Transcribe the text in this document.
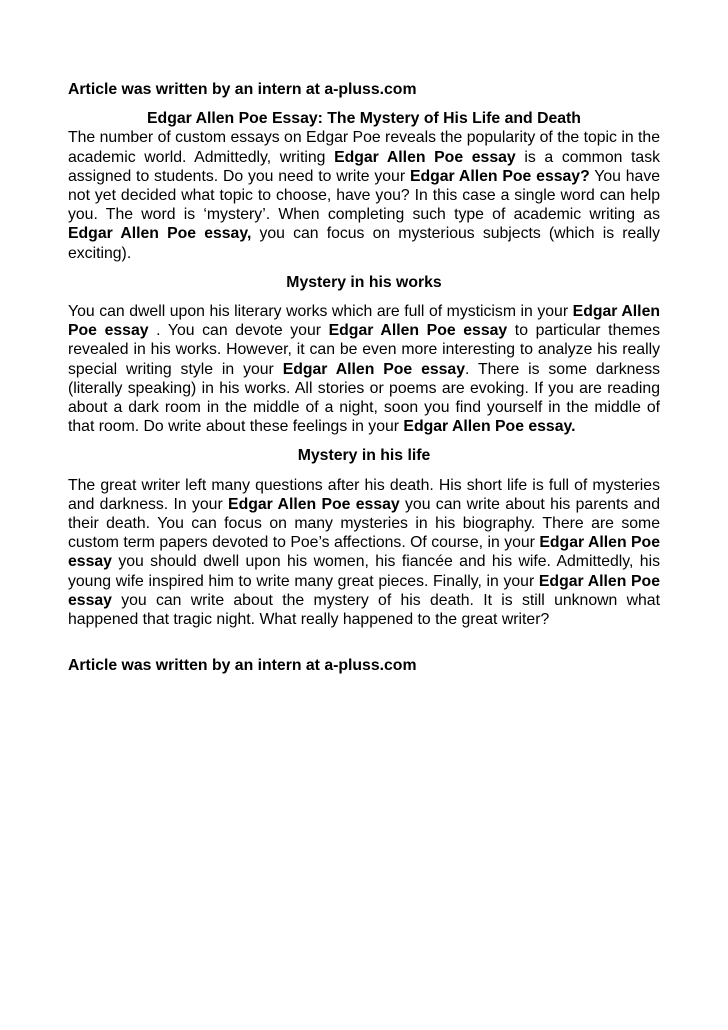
Article was written by an intern at a-pluss.com
Edgar Allen Poe Essay: The Mystery of His Life and Death

The number of custom essays on Edgar Poe reveals the popularity of the topic in the academic world. Admittedly, writing Edgar Allen Poe essay is a common task assigned to students. Do you need to write your Edgar Allen Poe essay? You have not yet decided what topic to choose, have you? In this case a single word can help you. The word is ‘mystery’. When completing such type of academic writing as Edgar Allen Poe essay, you can focus on mysterious subjects (which is really exciting).

Mystery in his works

You can dwell upon his literary works which are full of mysticism in your Edgar Allen Poe essay . You can devote your Edgar Allen Poe essay to particular themes revealed in his works. However, it can be even more interesting to analyze his really special writing style in your Edgar Allen Poe essay. There is some darkness (literally speaking) in his works. All stories or poems are evoking. If you are reading about a dark room in the middle of a night, soon you find yourself in the middle of that room. Do write about these feelings in your Edgar Allen Poe essay.

Mystery in his life

The great writer left many questions after his death. His short life is full of mysteries and darkness. In your Edgar Allen Poe essay you can write about his parents and their death. You can focus on many mysteries in his biography. There are some custom term papers devoted to Poe’s affections. Of course, in your Edgar Allen Poe essay you should dwell upon his women, his fiancée and his wife. Admittedly, his young wife inspired him to write many great pieces. Finally, in your Edgar Allen Poe essay you can write about the mystery of his death. It is still unknown what happened that tragic night. What really happened to the great writer?

Article was written by an intern at a-pluss.com
